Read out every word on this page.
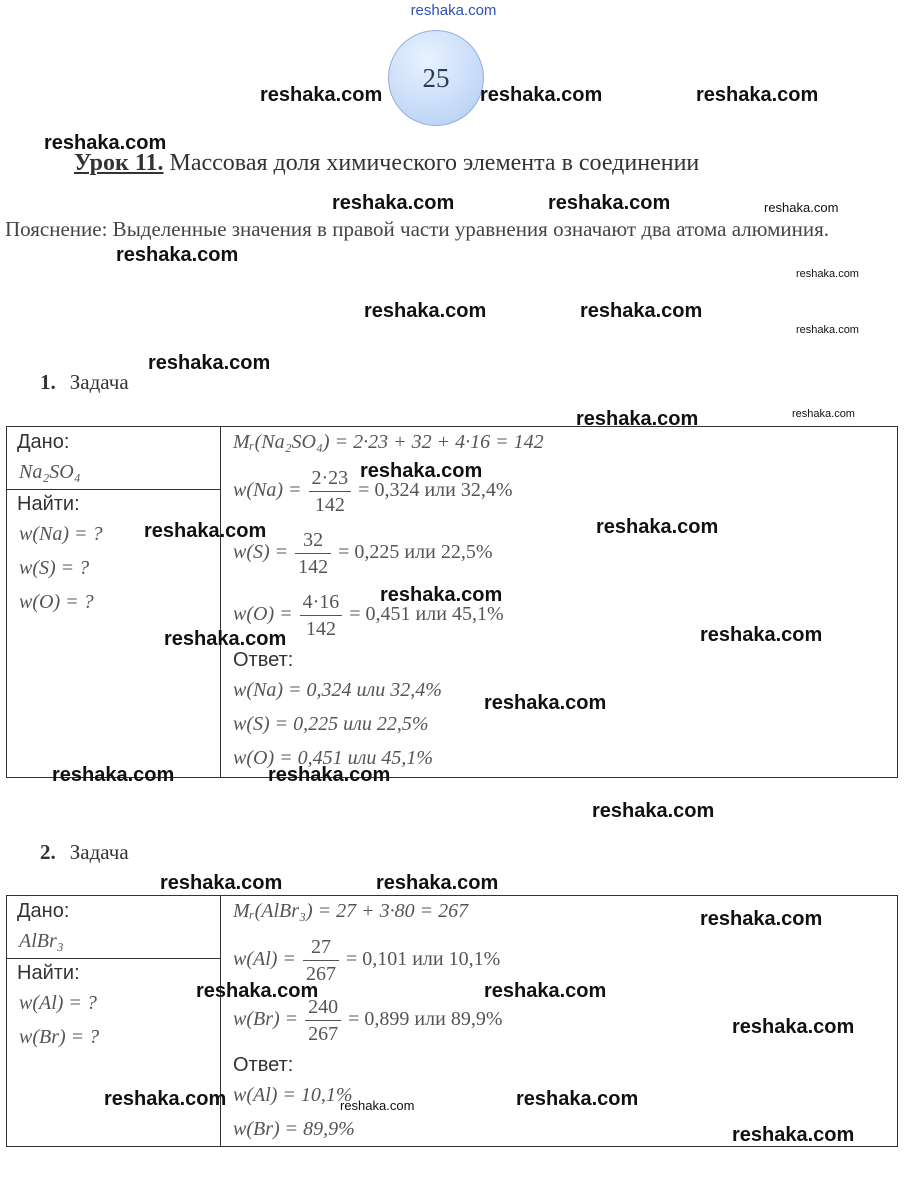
reshaka.com
25
Урок 11. Массовая доля химического элемента в соединении
Пояснение: Выделенные значения в правой части уравнения означают два атома алюминия.
1. Задача
Дано:
Na₂SO₄
Найти:
w(Na) = ?
w(S) = ?
w(O) = ?
Mᵣ(Na₂SO₄) = 2·23 + 32 + 4·16 = 142
$w(Na) = \frac{2\cdot 23}{142} = 0,324$ или 32,4%
$w(S) = \frac{32}{142} = 0,225$ или 22,5%
$w(O) = \frac{4\cdot 16}{142} = 0,451$ или 45,1%
Ответ:
w(Na) = 0,324 или 32,4%
w(S) = 0,225 или 22,5%
w(O) = 0,451 или 45,1%
2. Задача
Дано:
AlBr₃
Найти:
w(Al) = ?
w(Br) = ?
Mᵣ(AlBr₃) = 27 + 3·80 = 267
$w(Al) = \frac{27}{267} = 0,101$ или 10,1%
$w(Br) = \frac{240}{267} = 0,899$ или 89,9%
Ответ:
w(Al) = 10,1%
w(Br) = 89,9%
reshaka.com	reshaka.com	reshaka.com
reshaka.com
reshaka.com	reshaka.com	reshaka.com
reshaka.com
reshaka.com
reshaka.com	reshaka.com
reshaka.com
reshaka.com
reshaka.com	reshaka.com
reshaka.com
reshaka.com	reshaka.com
reshaka.com
reshaka.com	reshaka.com
reshaka.com
reshaka.com	reshaka.com
reshaka.com
reshaka.com	reshaka.com
reshaka.com
reshaka.com	reshaka.com
reshaka.com
reshaka.com	reshaka.com	reshaka.com
reshaka.com
